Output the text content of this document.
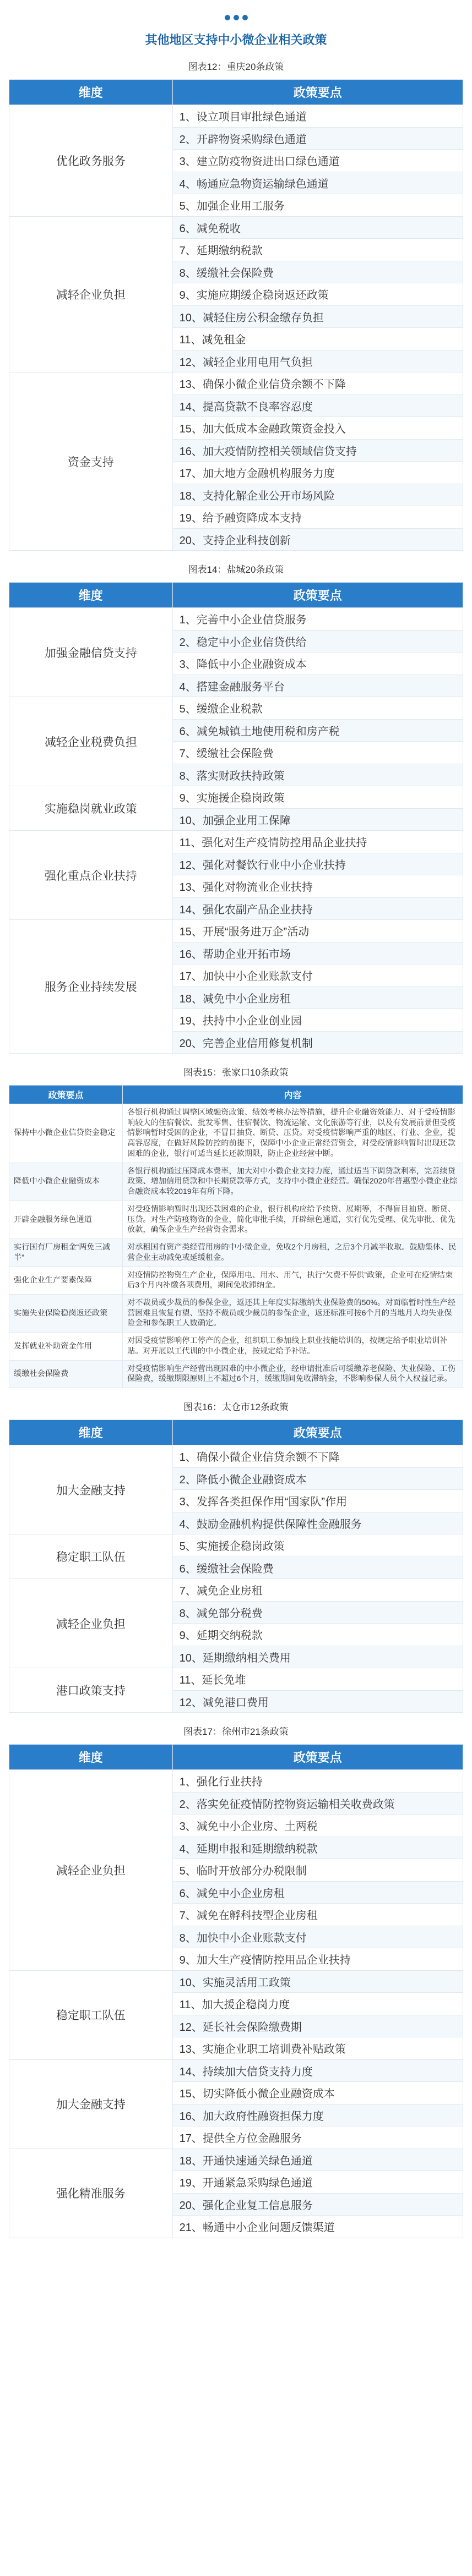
其他地区支持中小微企业相关政策
图表12：重庆20条政策
维度	政策要点
优化政务服务	1、设立项目审批绿色通道
	2、开辟物资采购绿色通道
	3、建立防疫物资进出口绿色通道
	4、畅通应急物资运输绿色通道
	5、加强企业用工服务
减轻企业负担	6、减免税收
	7、延期缴纳税款
	8、缓缴社会保险费
	9、实施应期缓企稳岗返还政策
	10、减轻住房公积金缴存负担
	11、减免租金
	12、减轻企业用电用气负担
资金支持	13、确保小微企业信贷余额不下降
	14、提高贷款不良率容忍度
	15、加大低成本金融政策资金投入
	16、加大疫情防控相关领域信贷支持
	17、加大地方金融机构服务力度
	18、支持化解企业公开市场风险
	19、给予融资降成本支持
	20、支持企业科技创新
图表14：盐城20条政策
维度	政策要点
加强金融信贷支持	1、完善中小企业信贷服务
	2、稳定中小企业信贷供给
	3、降低中小企业融资成本
	4、搭建金融服务平台
减轻企业税费负担	5、缓缴企业税款
	6、减免城镇土地使用税和房产税
	7、缓缴社会保险费
	8、落实财政扶持政策
实施稳岗就业政策	9、实施援企稳岗政策
	10、加强企业用工保障
强化重点企业扶持	11、强化对生产疫情防控用品企业扶持
	12、强化对餐饮行业中小企业扶持
	13、强化对物流业企业扶持
	14、强化农副产品企业扶持
服务企业持续发展	15、开展“服务进万企”活动
	16、帮助企业开拓市场
	17、加快中小企业账款支付
	18、减免中小企业房租
	19、扶持中小企业创业园
	20、完善企业信用修复机制
图表15：张家口10条政策
政策要点	内容
保持中小微企业信贷资金稳定	各银行机构通过调整区域融资政策、绩效考核办法等措施，提升企业融资效能力、对于受疫情影响较大的住宿餐饮、批发零售、住宿餐饮、物流运输、文化旅游等行业，以及有发展前景但受疫情影响暂时受困的企业，不冒目抽贷、断贷、压贷。对受疫情影响严重的地区、行业、企业，提高容忍度，在做好风险防控的前提下，保障中小企业正常经营资金，对受疫情影响暂时出现还款困难的企业，银行可适当延长还款期限，防止企业经营中断。
降低中小微企业融资成本	各银行机构通过压降成本费率，加大对中小微企业支持力度，通过适当下调贷款利率，完善续贷政策、增加信用贷款和中长期贷款等方式，支持中小微企业经营。确保2020年普惠型小微企业综合融资成本较2019年有所下降。
开辟金融服务绿色通道	对受疫情影响暂时出现还款困难的企业，银行机构应给予续贷、展期等，不得盲目抽贷、断贷、压贷。对生产防疫物资的企业，简化审批手续，开辟绿色通道，实行优先受理、优先审批、优先放款，确保企业生产经营资金需求。
实行国有厂房租金“两免三减半”	对承租国有资产类经营用房的中小微企业，免收2个月房租，之后3个月减半收取。鼓励集体、民营企业主动减免或延缓租金。
强化企业生产要素保障	对疫情防控物资生产企业，保障用电、用水、用气，执行“欠费不停供”政策，企业可在疫情结束后3个月内补缴各项费用，期间免收滞纳金。
实施失业保险稳岗返还政策	对不裁员或少裁员的参保企业，返还其上年度实际缴纳失业保险费的50%。对面临暂时性生产经营困难且恢复有望、坚持不裁员或少裁员的参保企业，返还标准可按6个月的当地月人均失业保险金和参保职工人数确定。
发挥就业补助资金作用	对因受疫情影响停工停产的企业，组织职工参加线上职业技能培训的，按规定给予职业培训补贴。对开展以工代训的中小微企业，按规定给予补贴。
缓缴社会保险费	对受疫情影响生产经营出现困难的中小微企业，经申请批准后可缓缴养老保险、失业保险、工伤保险费，缓缴期限原则上不超过6个月，缓缴期间免收滞纳金，不影响参保人员个人权益记录。
图表16：太仓市12条政策
维度	政策要点
加大金融支持	1、确保小微企业信贷余额不下降
	2、降低小微企业融资成本
	3、发挥各类担保作用“国家队”作用
	4、鼓励金融机构提供保障性金融服务
稳定职工队伍	5、实施援企稳岗政策
	6、缓缴社会保险费
减轻企业负担	7、减免企业房租
	8、减免部分税费
	9、延期交纳税款
	10、延期缴纳相关费用
港口政策支持	11、延长免堆
	12、减免港口费用
图表17：徐州市21条政策
维度	政策要点
减轻企业负担	1、强化行业扶持
	2、落实免征疫情防控物资运输相关收费政策
	3、减免中小企业房、土两税
	4、延期申报和延期缴纳税款
	5、临时开放部分办税限制
	6、减免中小企业房租
	7、减免在孵科技型企业房租
	8、加快中小企业账款支付
	9、加大生产疫情防控用品企业扶持
稳定职工队伍	10、实施灵活用工政策
	11、加大援企稳岗力度
	12、延长社会保险缴费期
	13、实施企业职工培训费补贴政策
加大金融支持	14、持续加大信贷支持力度
	15、切实降低小微企业融资成本
	16、加大政府性融资担保力度
	17、提供全方位金融服务
强化精准服务	18、开通快速通关绿色通道
	19、开通紧急采购绿色通道
	20、强化企业复工信息服务
	21、畅通中小企业问题反馈渠道
